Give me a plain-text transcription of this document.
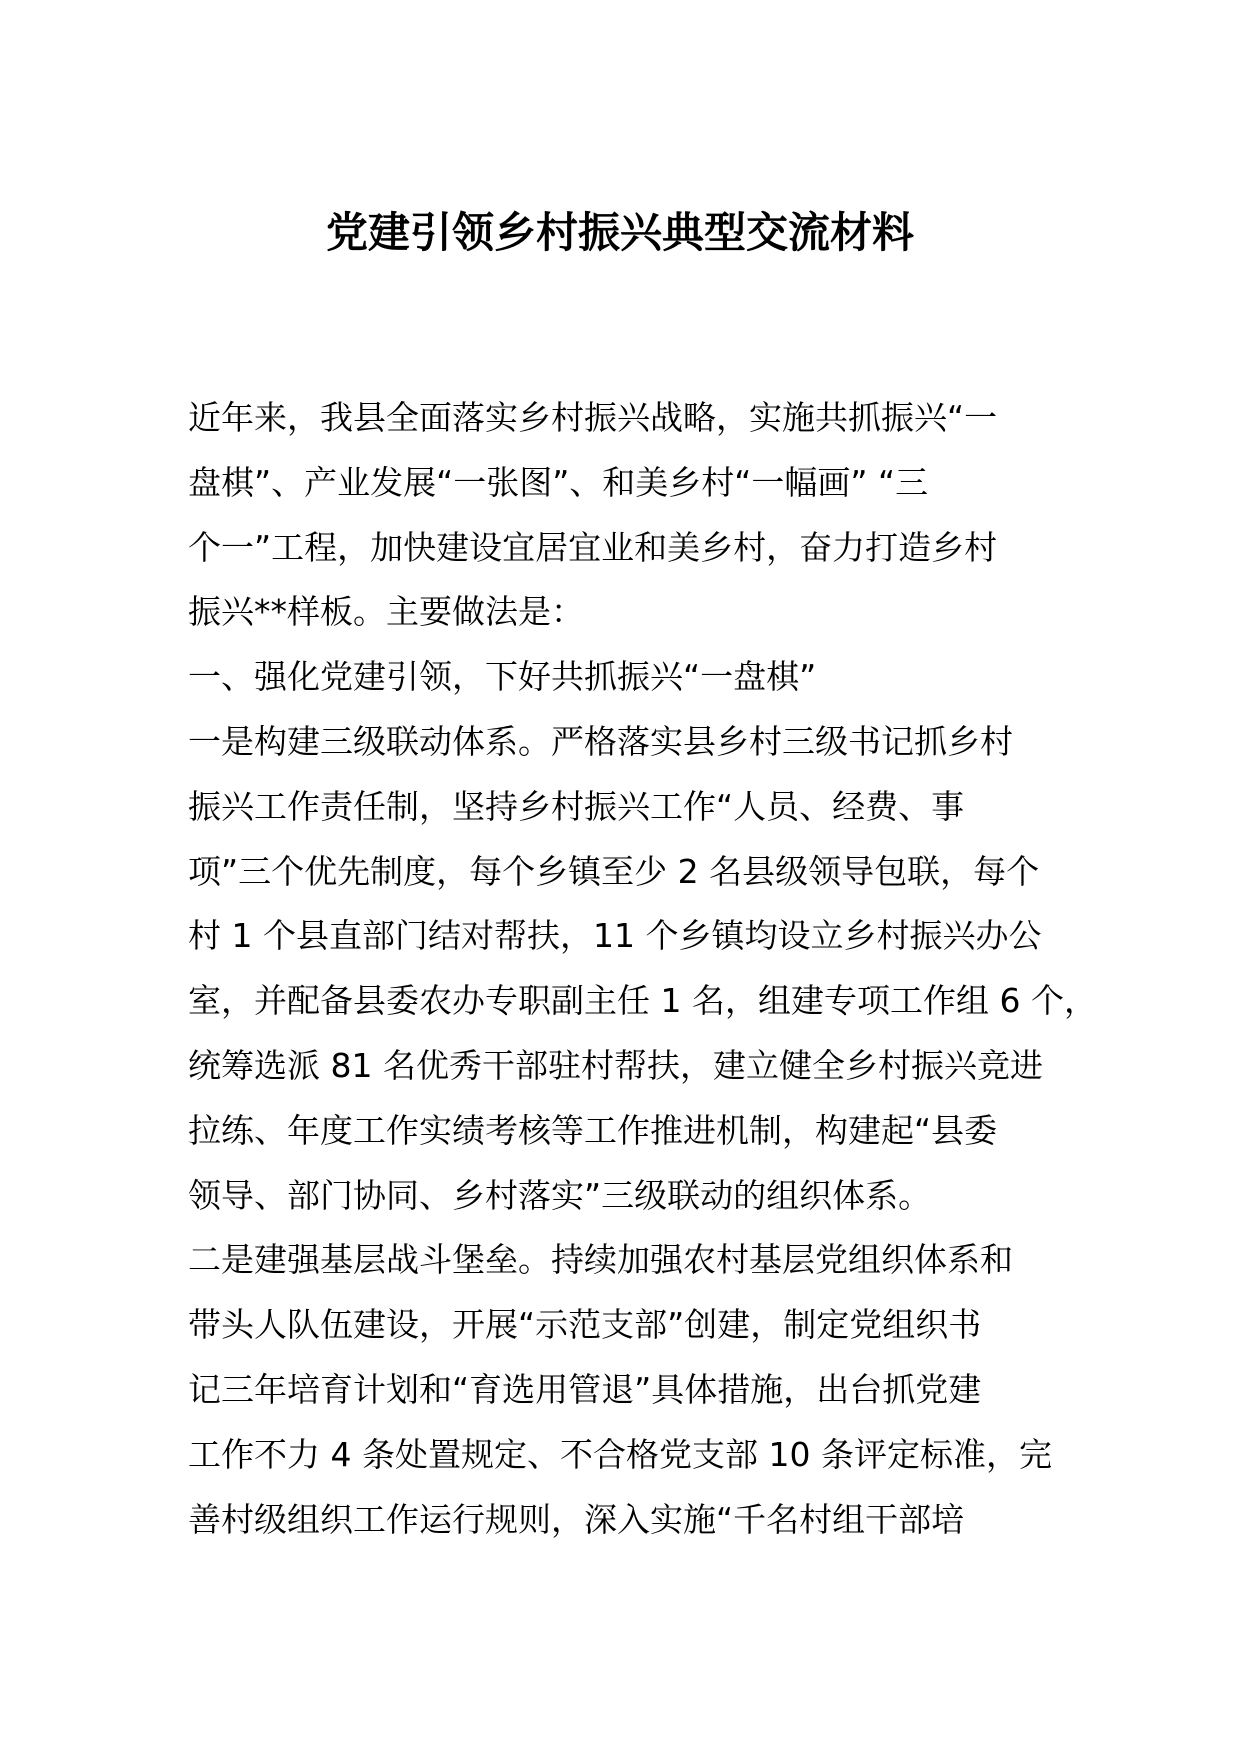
党建引领乡村振兴典型交流材料
近年来，我县全面落实乡村振兴战略，实施共抓振兴“一
盘棋”、产业发展“一张图”、和美乡村“一幅画” “三
个一”工程，加快建设宜居宜业和美乡村，奋力打造乡村
振兴**样板。主要做法是：
一、强化党建引领，下好共抓振兴“一盘棋”
一是构建三级联动体系。严格落实县乡村三级书记抓乡村
振兴工作责任制，坚持乡村振兴工作“人员、经费、事
项”三个优先制度，每个乡镇至少 2 名县级领导包联，每个
村 1 个县直部门结对帮扶，11 个乡镇均设立乡村振兴办公
室，并配备县委农办专职副主任 1 名，组建专项工作组 6 个，
统筹选派 81 名优秀干部驻村帮扶，建立健全乡村振兴竞进
拉练、年度工作实绩考核等工作推进机制，构建起“县委
领导、部门协同、乡村落实”三级联动的组织体系。
二是建强基层战斗堡垒。持续加强农村基层党组织体系和
带头人队伍建设，开展“示范支部”创建，制定党组织书
记三年培育计划和“育选用管退”具体措施，出台抓党建
工作不力 4 条处置规定、不合格党支部 10 条评定标准，完
善村级组织工作运行规则，深入实施“千名村组干部培
